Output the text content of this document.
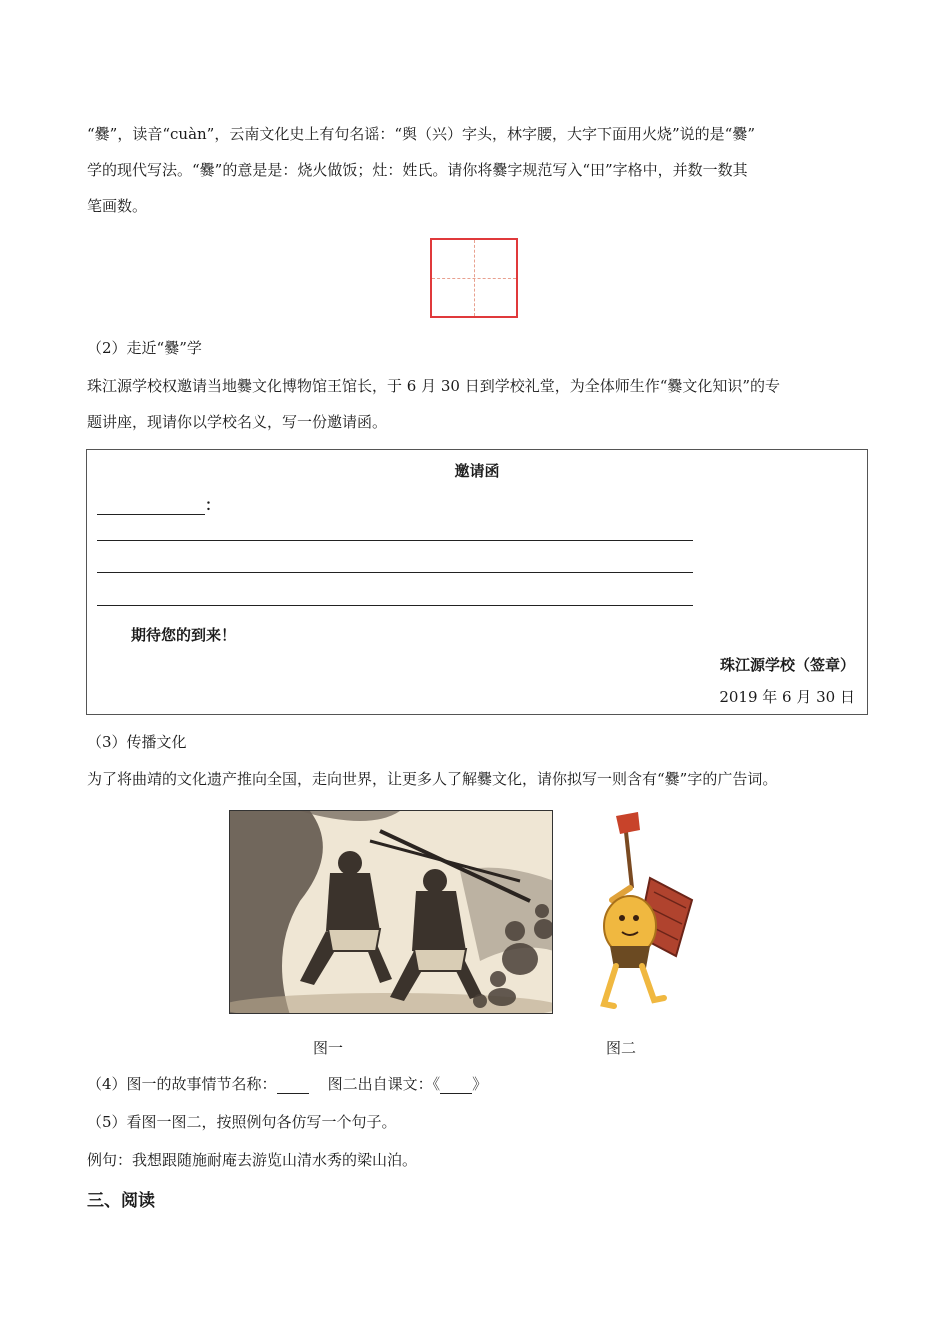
“爨”，读音“cuàn”，云南文化史上有句名谣：“舆（兴）字头，林字腰，大字下面用火烧”说的是“爨”
学的现代写法。“爨”的意是是：烧火做饭；灶：姓氏。请你将爨字规范写入“田”字格中，并数一数其
笔画数。
（2）走近“爨”学
珠江源学校权邀请当地爨文化博物馆王馆长，于 6 月 30 日到学校礼堂，为全体师生作“爨文化知识”的专
题讲座，现请你以学校名义，写一份邀请函。
邀请函
：
期待您的到来！
珠江源学校（签章）
2019 年 6 月 30 日
（3）传播文化
为了将曲靖的文化遗产推向全国，走向世界，让更多人了解爨文化，请你拟写一则含有“爨”字的广告词。
图一	图二
（4）图一的故事情节名称：	图二出自课文：《 》
（5）看图一图二，按照例句各仿写一个句子。
例句：我想跟随施耐庵去游览山清水秀的梁山泊。
三、阅读
